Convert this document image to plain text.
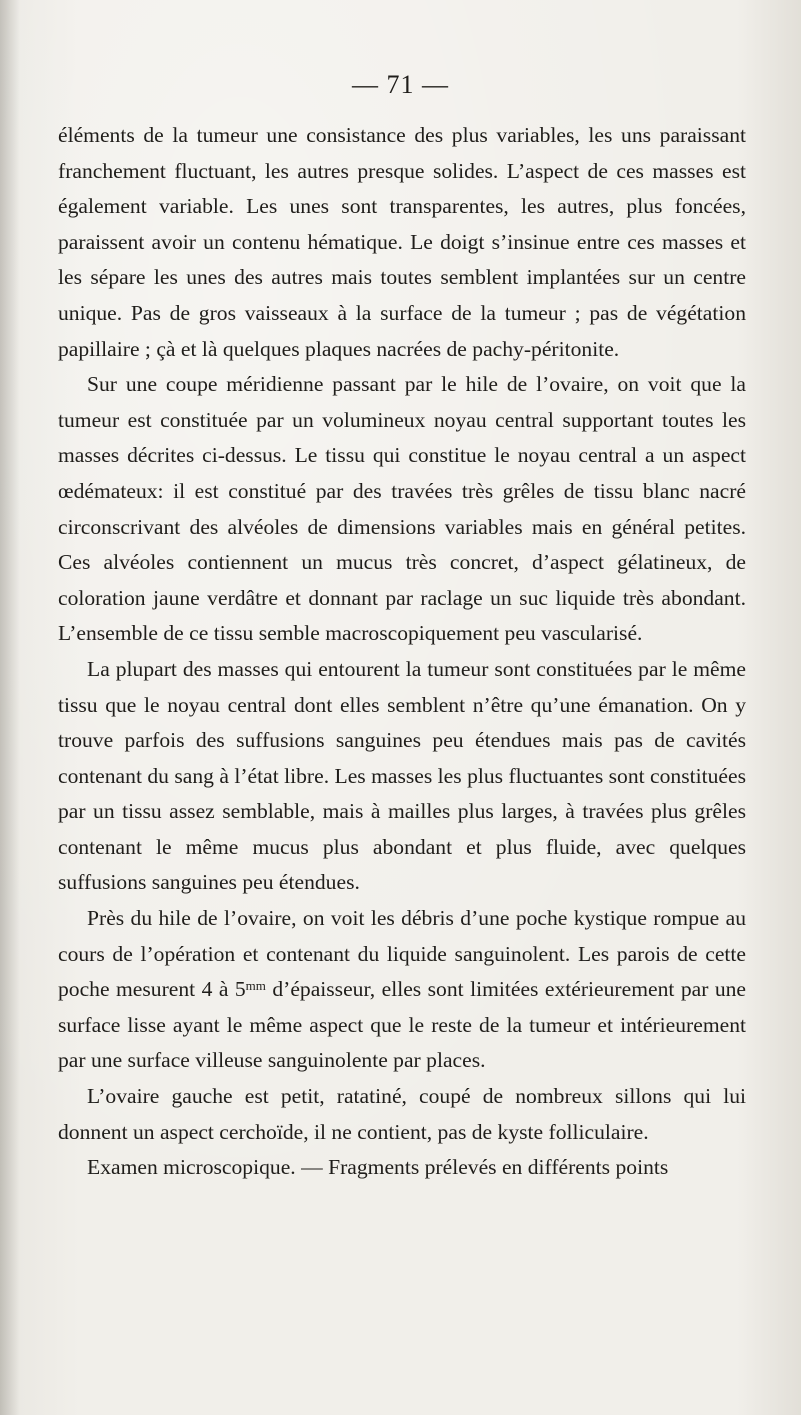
— 71 —

éléments de la tumeur une consistance des plus variables, les uns paraissant franchement fluctuant, les autres presque solides. L’aspect de ces masses est également variable. Les unes sont transparentes, les autres, plus foncées, paraissent avoir un contenu hématique. Le doigt s’insinue entre ces masses et les sépare les unes des autres mais toutes semblent implantées sur un centre unique. Pas de gros vaisseaux à la surface de la tumeur ; pas de végétation papillaire ; çà et là quelques plaques nacrées de pachy-péritonite.

Sur une coupe méridienne passant par le hile de l’ovaire, on voit que la tumeur est constituée par un volumineux noyau central supportant toutes les masses décrites ci-dessus. Le tissu qui constitue le noyau central a un aspect œdémateux: il est constitué par des travées très grêles de tissu blanc nacré circonscrivant des alvéoles de dimensions variables mais en général petites. Ces alvéoles contiennent un mucus très concret, d’aspect gélatineux, de coloration jaune verdâtre et donnant par raclage un suc liquide très abondant. L’ensemble de ce tissu semble macroscopiquement peu vascularisé.

La plupart des masses qui entourent la tumeur sont constituées par le même tissu que le noyau central dont elles semblent n’être qu’une émanation. On y trouve parfois des suffusions sanguines peu étendues mais pas de cavités contenant du sang à l’état libre. Les masses les plus fluctuantes sont constituées par un tissu assez semblable, mais à mailles plus larges, à travées plus grêles contenant le même mucus plus abondant et plus fluide, avec quelques suffusions sanguines peu étendues.

Près du hile de l’ovaire, on voit les débris d’une poche kystique rompue au cours de l’opération et contenant du liquide sanguinolent. Les parois de cette poche mesurent 4 à $5^{mm}$ d’épaisseur, elles sont limitées extérieurement par une surface lisse ayant le même aspect que le reste de la tumeur et intérieurement par une surface villeuse sanguinolente par places.

L’ovaire gauche est petit, ratatiné, coupé de nombreux sillons qui lui donnent un aspect cerchoïde, il ne contient, pas de kyste folliculaire.

Examen microscopique. — Fragments prélevés en différents points
